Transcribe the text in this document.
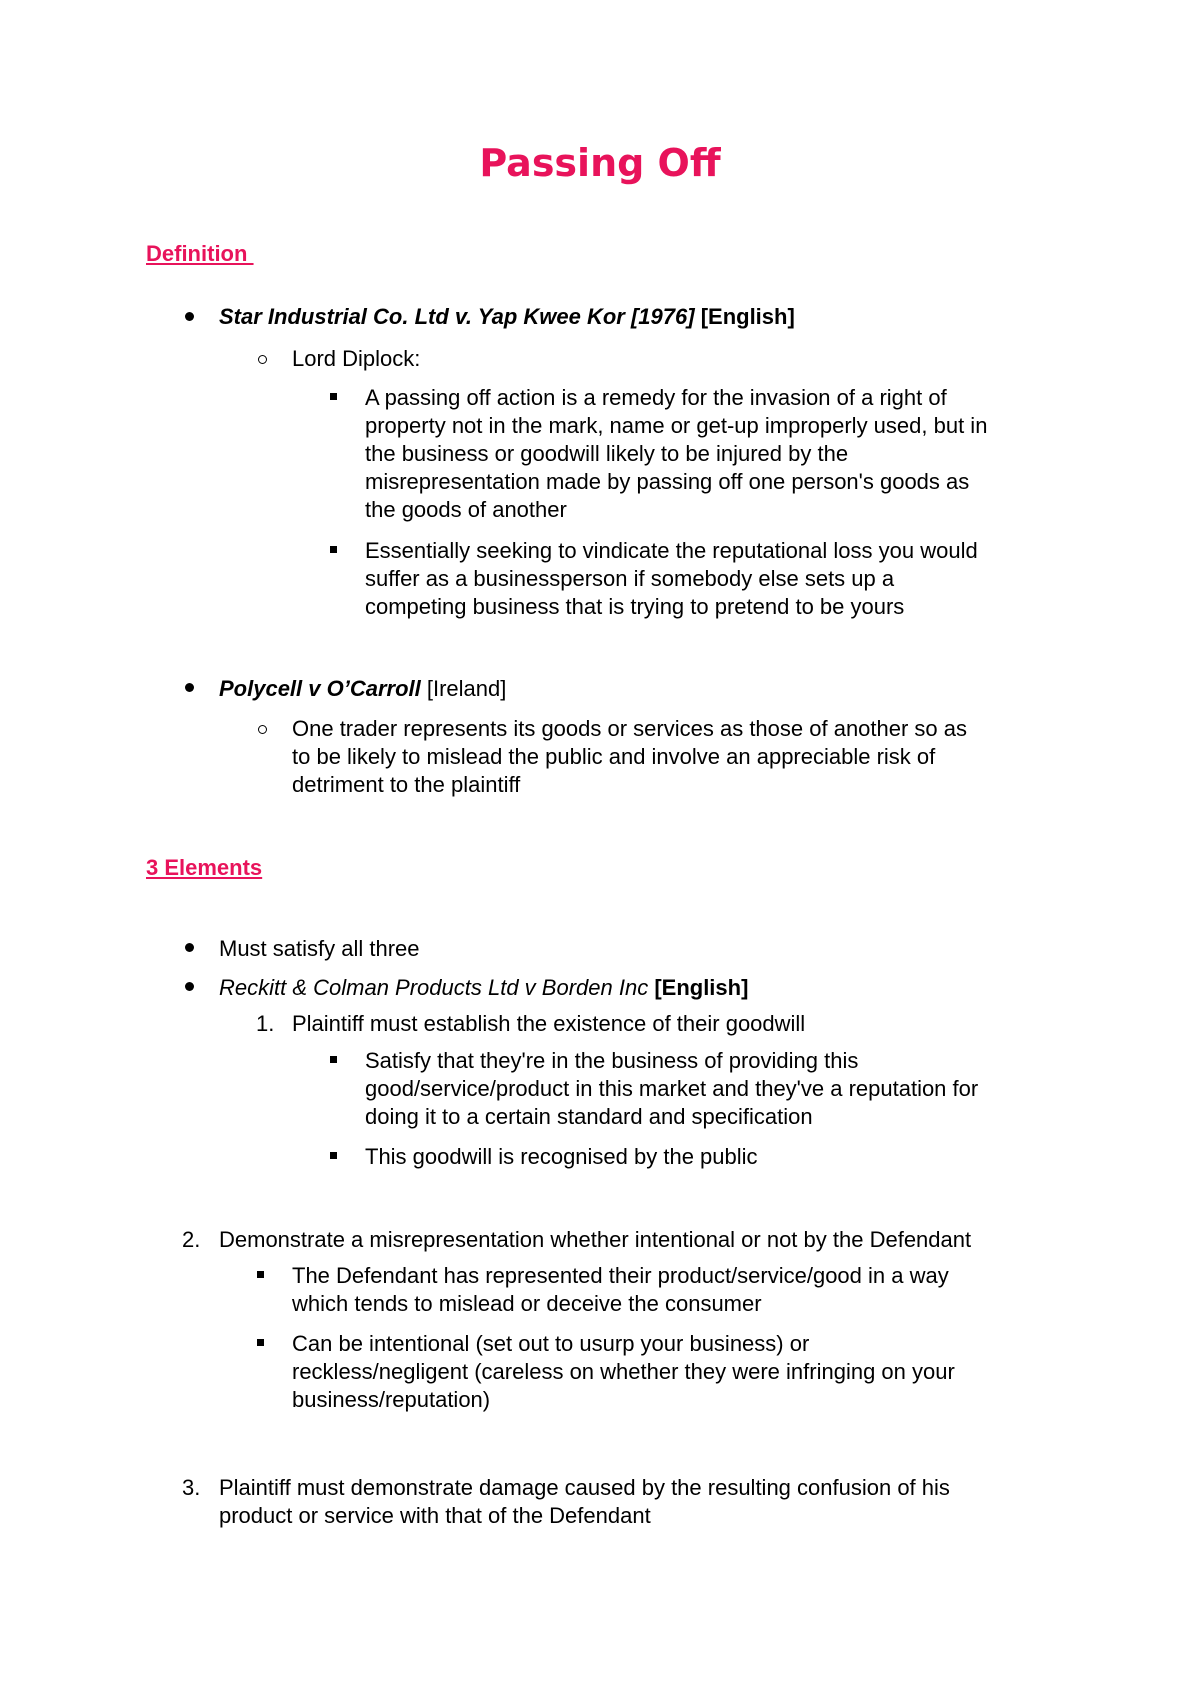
Passing Off
Definition
Star Industrial Co. Ltd v. Yap Kwee Kor [1976] [English]
Lord Diplock:
A passing off action is a remedy for the invasion of a right of
property not in the mark, name or get-up improperly used, but in
the business or goodwill likely to be injured by the
misrepresentation made by passing off one person's goods as
the goods of another
Essentially seeking to vindicate the reputational loss you would
suffer as a businessperson if somebody else sets up a
competing business that is trying to pretend to be yours
Polycell v O’Carroll [Ireland]
One trader represents its goods or services as those of another so as
to be likely to mislead the public and involve an appreciable risk of
detriment to the plaintiff
3 Elements
Must satisfy all three
Reckitt & Colman Products Ltd v Borden Inc [English]
1. Plaintiff must establish the existence of their goodwill
Satisfy that they're in the business of providing this
good/service/product in this market and they've a reputation for
doing it to a certain standard and specification
This goodwill is recognised by the public
2. Demonstrate a misrepresentation whether intentional or not by the Defendant
The Defendant has represented their product/service/good in a way
which tends to mislead or deceive the consumer
Can be intentional (set out to usurp your business) or
reckless/negligent (careless on whether they were infringing on your
business/reputation)
3. Plaintiff must demonstrate damage caused by the resulting confusion of his
product or service with that of the Defendant
